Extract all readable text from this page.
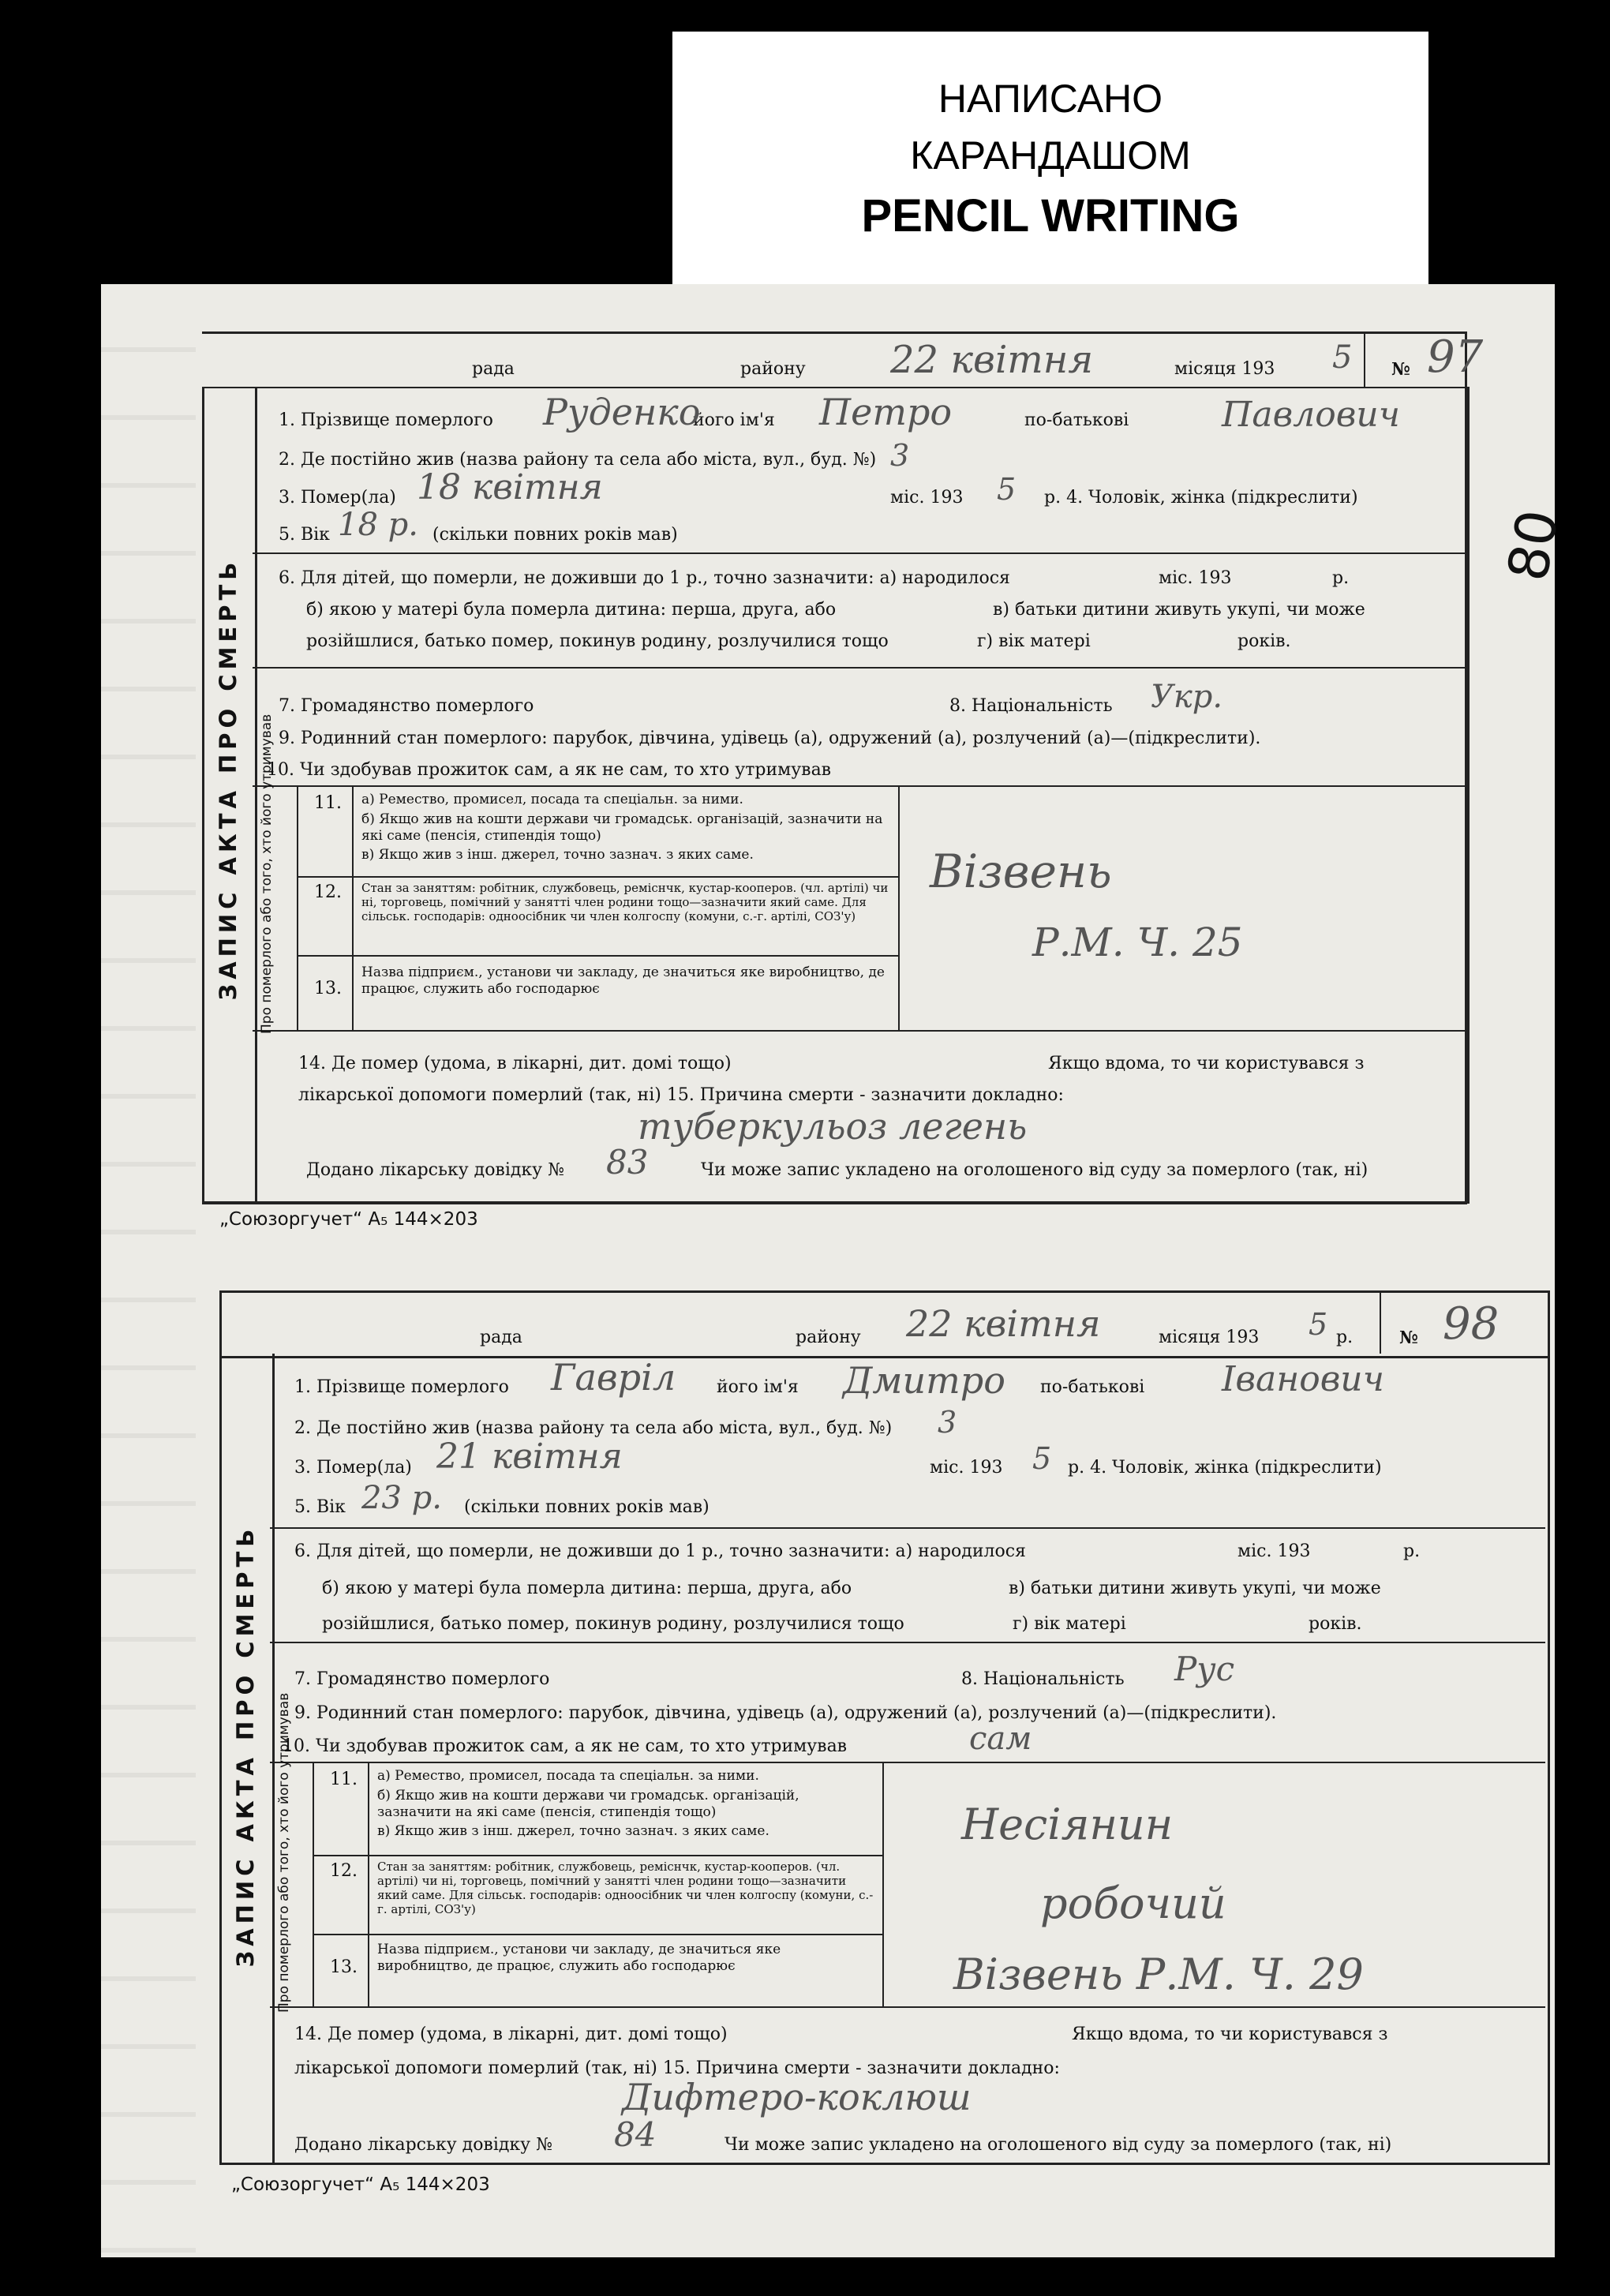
НАПИСАНО
КАРАНДАШОМ
PENCIL WRITING
80
рада	району	місяця 193	№
22 квітня	5 97
ЗАПИС АКТА ПРО СМЕРТЬ
1. Прізвище померлого	його ім'я	по-батькові
Руденко	Петро	Павлович
2. Де постійно жив (назва району та села або міста, вул., буд. №) 3
3. Помер(ла)	міс. 193	р. 4. Чоловік, жінка (підкреслити)
18 квітня	5
5. Вік	(скільки повних років мав)
18 р.
6. Для дітей, що померли, не доживши до 1 р., точно зазначити: а) народилося	міс. 193	р.
б) якою у матері була померла дитина: перша, друга, або	в) батьки дитини живуть укупі, чи може
розійшлися, батько помер, покинув родину, розлучилися тощо	г) вік матері	років.
7. Громадянство померлого	8. Національність Укр.
9. Родинний стан померлого: парубок, дівчина, удівець (а), одружений (а), розлучений (а)—(підкреслити).
10. Чи здобував прожиток сам, а як не сам, то хто утримував
Про померлого або того, хто його утримував 11. а) Ремество, промисел, посада та спеціальн. за ними.
б) Якщо жив на кошти держави чи громадськ. організацій, зазначити на які саме (пенсія, стипендія тощо)
в) Якщо жив з інш. джерел, точно зазнач. з яких саме.
12. Стан за заняттям: робітник, службовець, реміснчк, кустар-кооперов. (чл. артілі) чи ні, торговець, помічний у занятті член родини тощо—зазначити який саме. Для сільськ. господарів: одноосібник чи член колгоспу (комуни, с.-г. артілі, СОЗ'у)
13.
Назва підприєм., установи чи закладу, де значиться яке виробництво, де працює, служить або господарює
Візвень
Р.М. Ч. 25
14. Де помер (удома, в лікарні, дит. домі тощо)	Якщо вдома, то чи користувався з
лікарської допомоги померлий (так, ні) 15. Причина смерти - зазначити докладно:
туберкульоз легень
Додано лікарську довідку №	Чи може запис укладено на оголошеного від суду за померлого (так, ні)
83
„Союзоргучет“ А₅ 144×203
рада	району	місяця 193	р.	№
22 квітня	5	98
ЗАПИС АКТА ПРО СМЕРТЬ
1. Прізвище померлого	його ім'я	по-батькові
Гавріл	Дмитро	Іванович
2. Де постійно жив (назва району та села або міста, вул., буд. №) 3
3. Помер(ла)	міс. 193	р. 4. Чоловік, жінка (підкреслити)
21 квітня	5
5. Вік	(скільки повних років мав)
23 р.
6. Для дітей, що померли, не доживши до 1 р., точно зазначити: а) народилося	міс. 193	р.
б) якою у матері була померла дитина: перша, друга, або	в) батьки дитини живуть укупі, чи може
розійшлися, батько помер, покинув родину, розлучилися тощо	г) вік матері	років.
7. Громадянство померлого	8. Національність Рус
9. Родинний стан померлого: парубок, дівчина, удівець (а), одружений (а), розлучений (а)—(підкреслити).
10. Чи здобував прожиток сам, а як не сам, то хто утримував	сам
Про померлого або того, хто його утримував 11. а) Ремество, промисел, посада та спеціальн. за ними.
б) Якщо жив на кошти держави чи громадськ. організацій, зазначити на які саме (пенсія, стипендія тощо)
в) Якщо жив з інш. джерел, точно зазнач. з яких саме.
12. Стан за заняттям: робітник, службовець, реміснчк, кустар-кооперов. (чл. артілі) чи ні, торговець, помічний у занятті член родини тощо—зазначити який саме. Для сільськ. господарів: одноосібник чи член колгоспу (комуни, с.-г. артілі, СОЗ'у)
13.
Назва підприєм., установи чи закладу, де значиться яке виробництво, де працює, служить або господарює
Несіянин
робочий
Візвень Р.М. Ч. 29
14. Де помер (удома, в лікарні, дит. домі тощо)	Якщо вдома, то чи користувався з
лікарської допомоги померлий (так, ні) 15. Причина смерти - зазначити докладно:
Дифтеро-коклюш
Додано лікарську довідку №	Чи може запис укладено на оголошеного від суду за померлого (так, ні)
84
„Союзоргучет“ А₅ 144×203
